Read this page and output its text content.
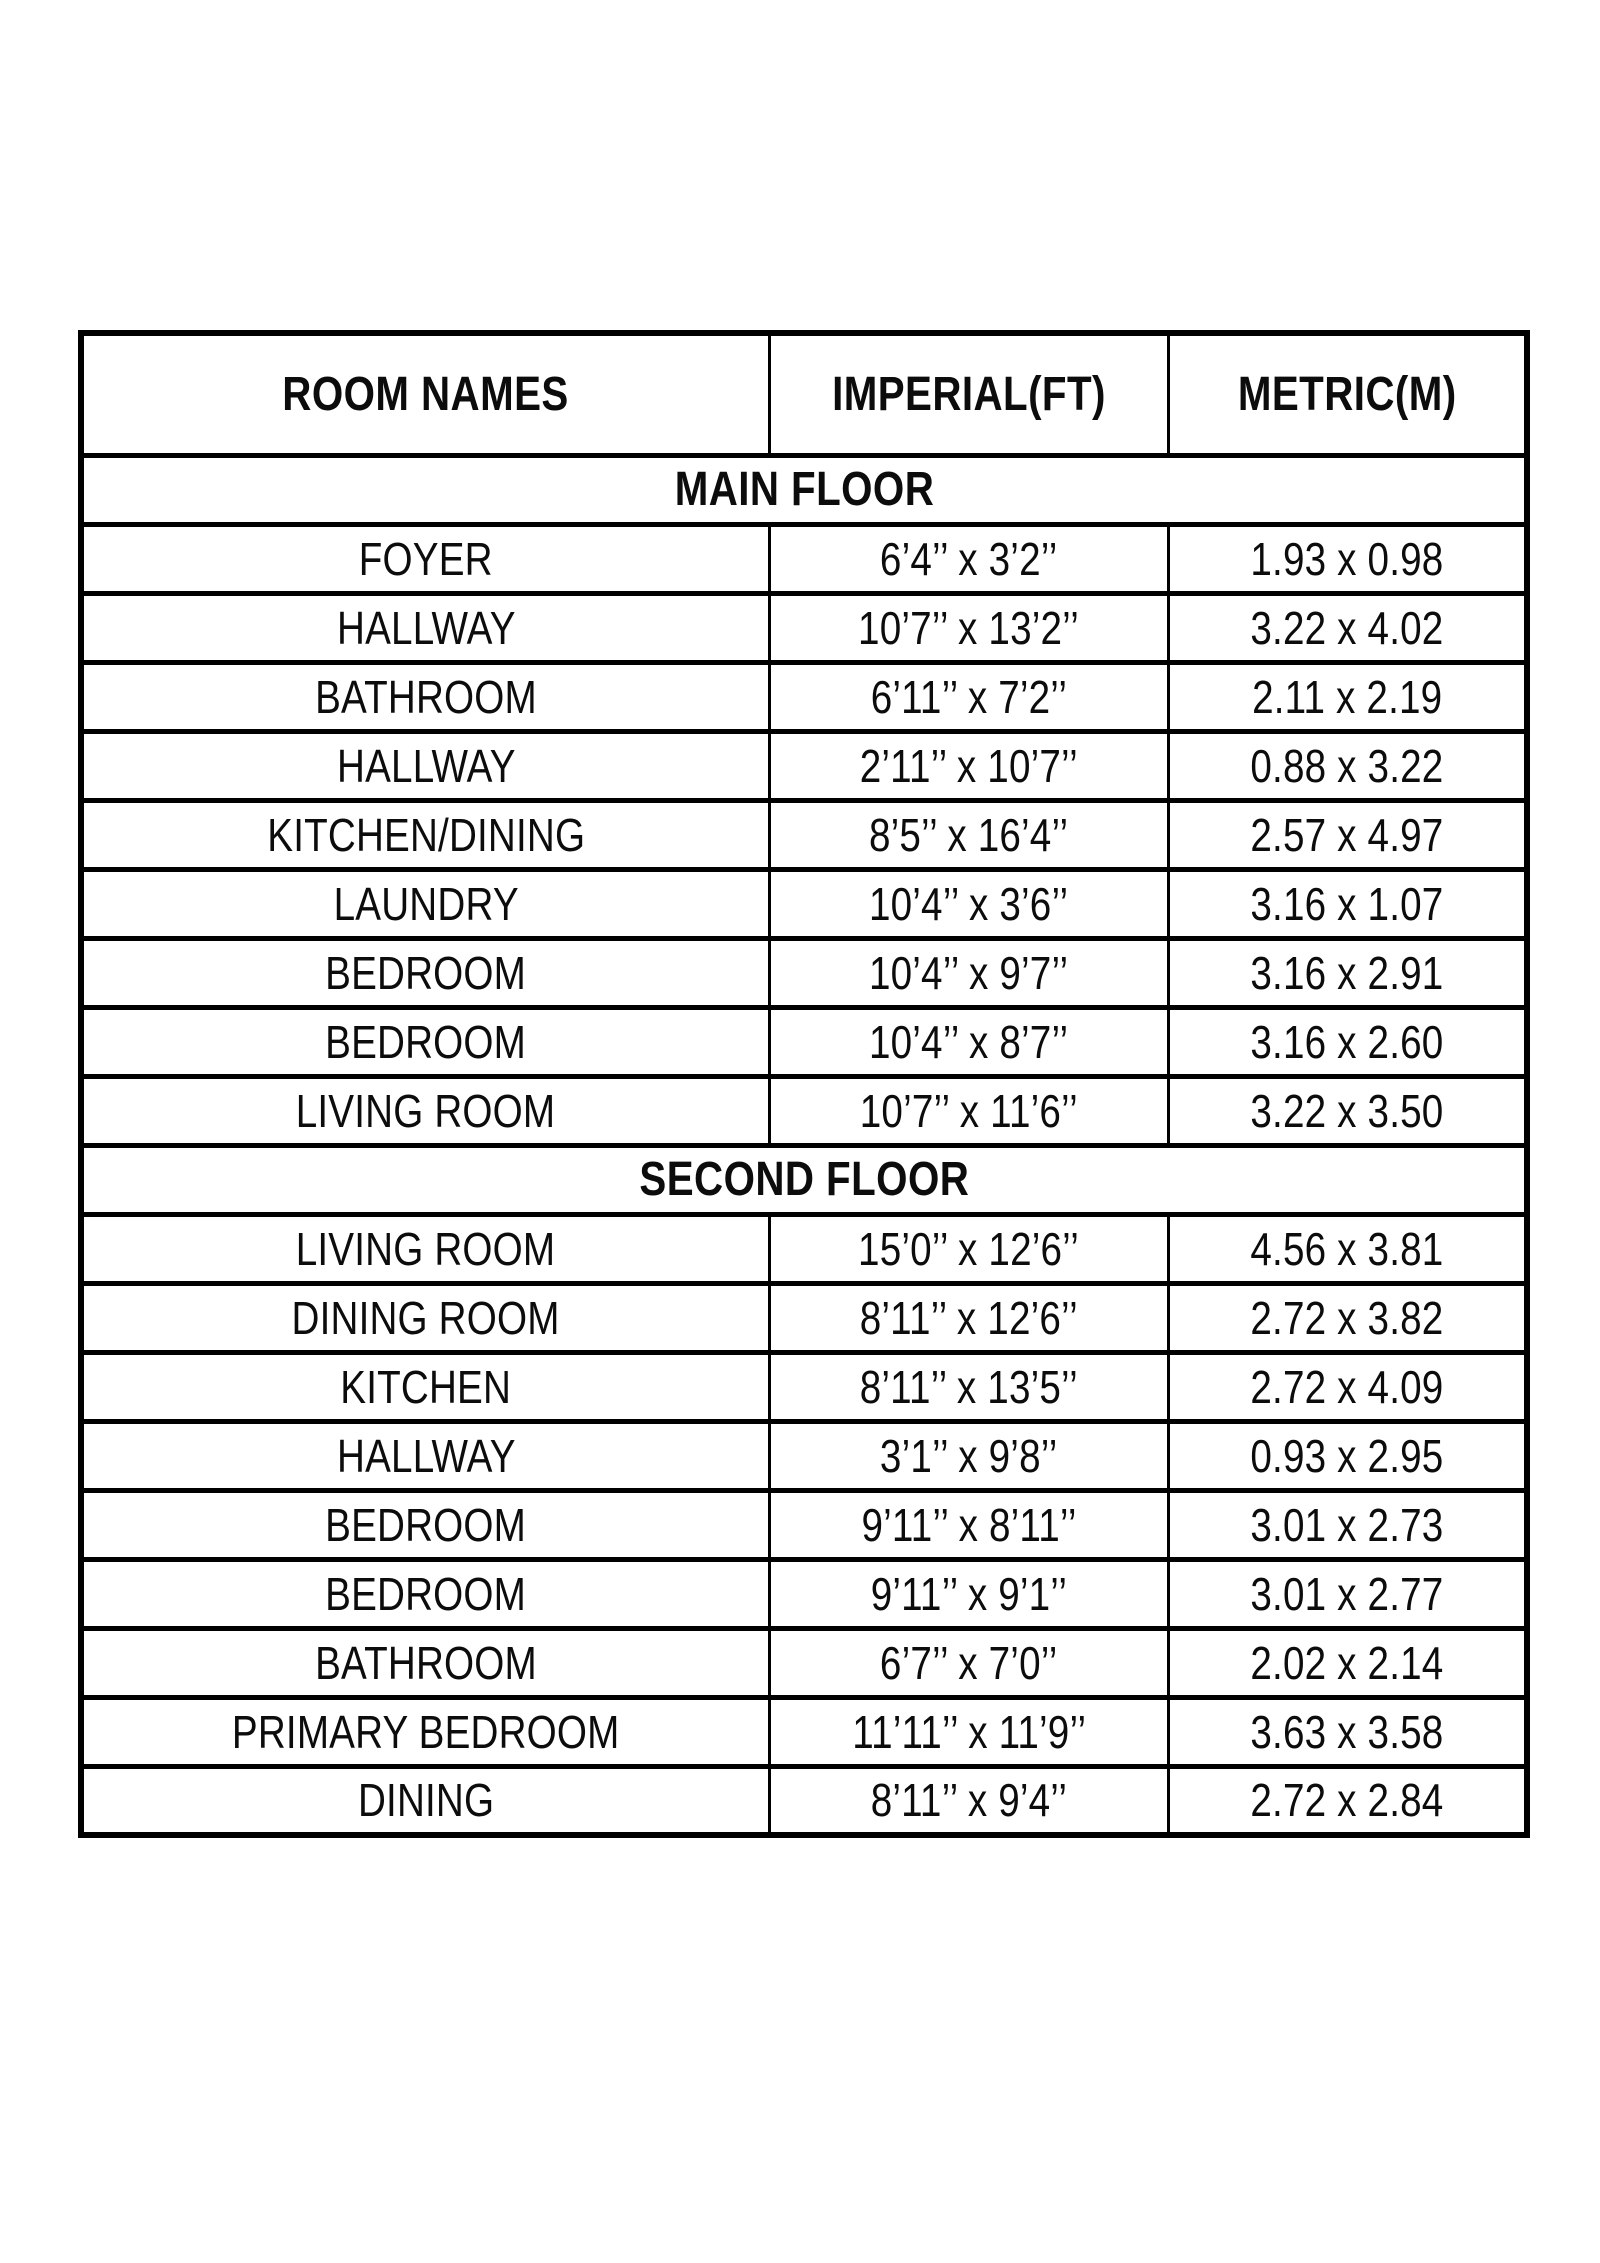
ROOM NAMES	IMPERIAL(FT)	METRIC(M)
MAIN FLOOR		
FOYER	6’4’’ x 3’2’’	1.93 x 0.98
HALLWAY	10’7’’ x 13’2’’	3.22 x 4.02
BATHROOM	6’11’’ x 7’2’’	2.11 x 2.19
HALLWAY	2’11’’ x 10’7’’	0.88 x 3.22
KITCHEN/DINING	8’5’’ x 16’4’’	2.57 x 4.97
LAUNDRY	10’4’’ x 3’6’’	3.16 x 1.07
BEDROOM	10’4’’ x 9’7’’	3.16 x 2.91
BEDROOM	10’4’’ x 8’7’’	3.16 x 2.60
LIVING ROOM	10’7’’ x 11’6’’	3.22 x 3.50
SECOND FLOOR		
LIVING ROOM	15’0’’ x 12’6’’	4.56 x 3.81
DINING ROOM	8’11’’ x 12’6’’	2.72 x 3.82
KITCHEN	8’11’’ x 13’5’’	2.72 x 4.09
HALLWAY	3’1’’ x 9’8’’	0.93 x 2.95
BEDROOM	9’11’’ x 8’11’’	3.01 x 2.73
BEDROOM	9’11’’ x 9’1’’	3.01 x 2.77
BATHROOM	6’7’’ x 7’0’’	2.02 x 2.14
PRIMARY BEDROOM	11’11’’ x 11’9’’	3.63 x 3.58
DINING	8’11’’ x 9’4’’	2.72 x 2.84
